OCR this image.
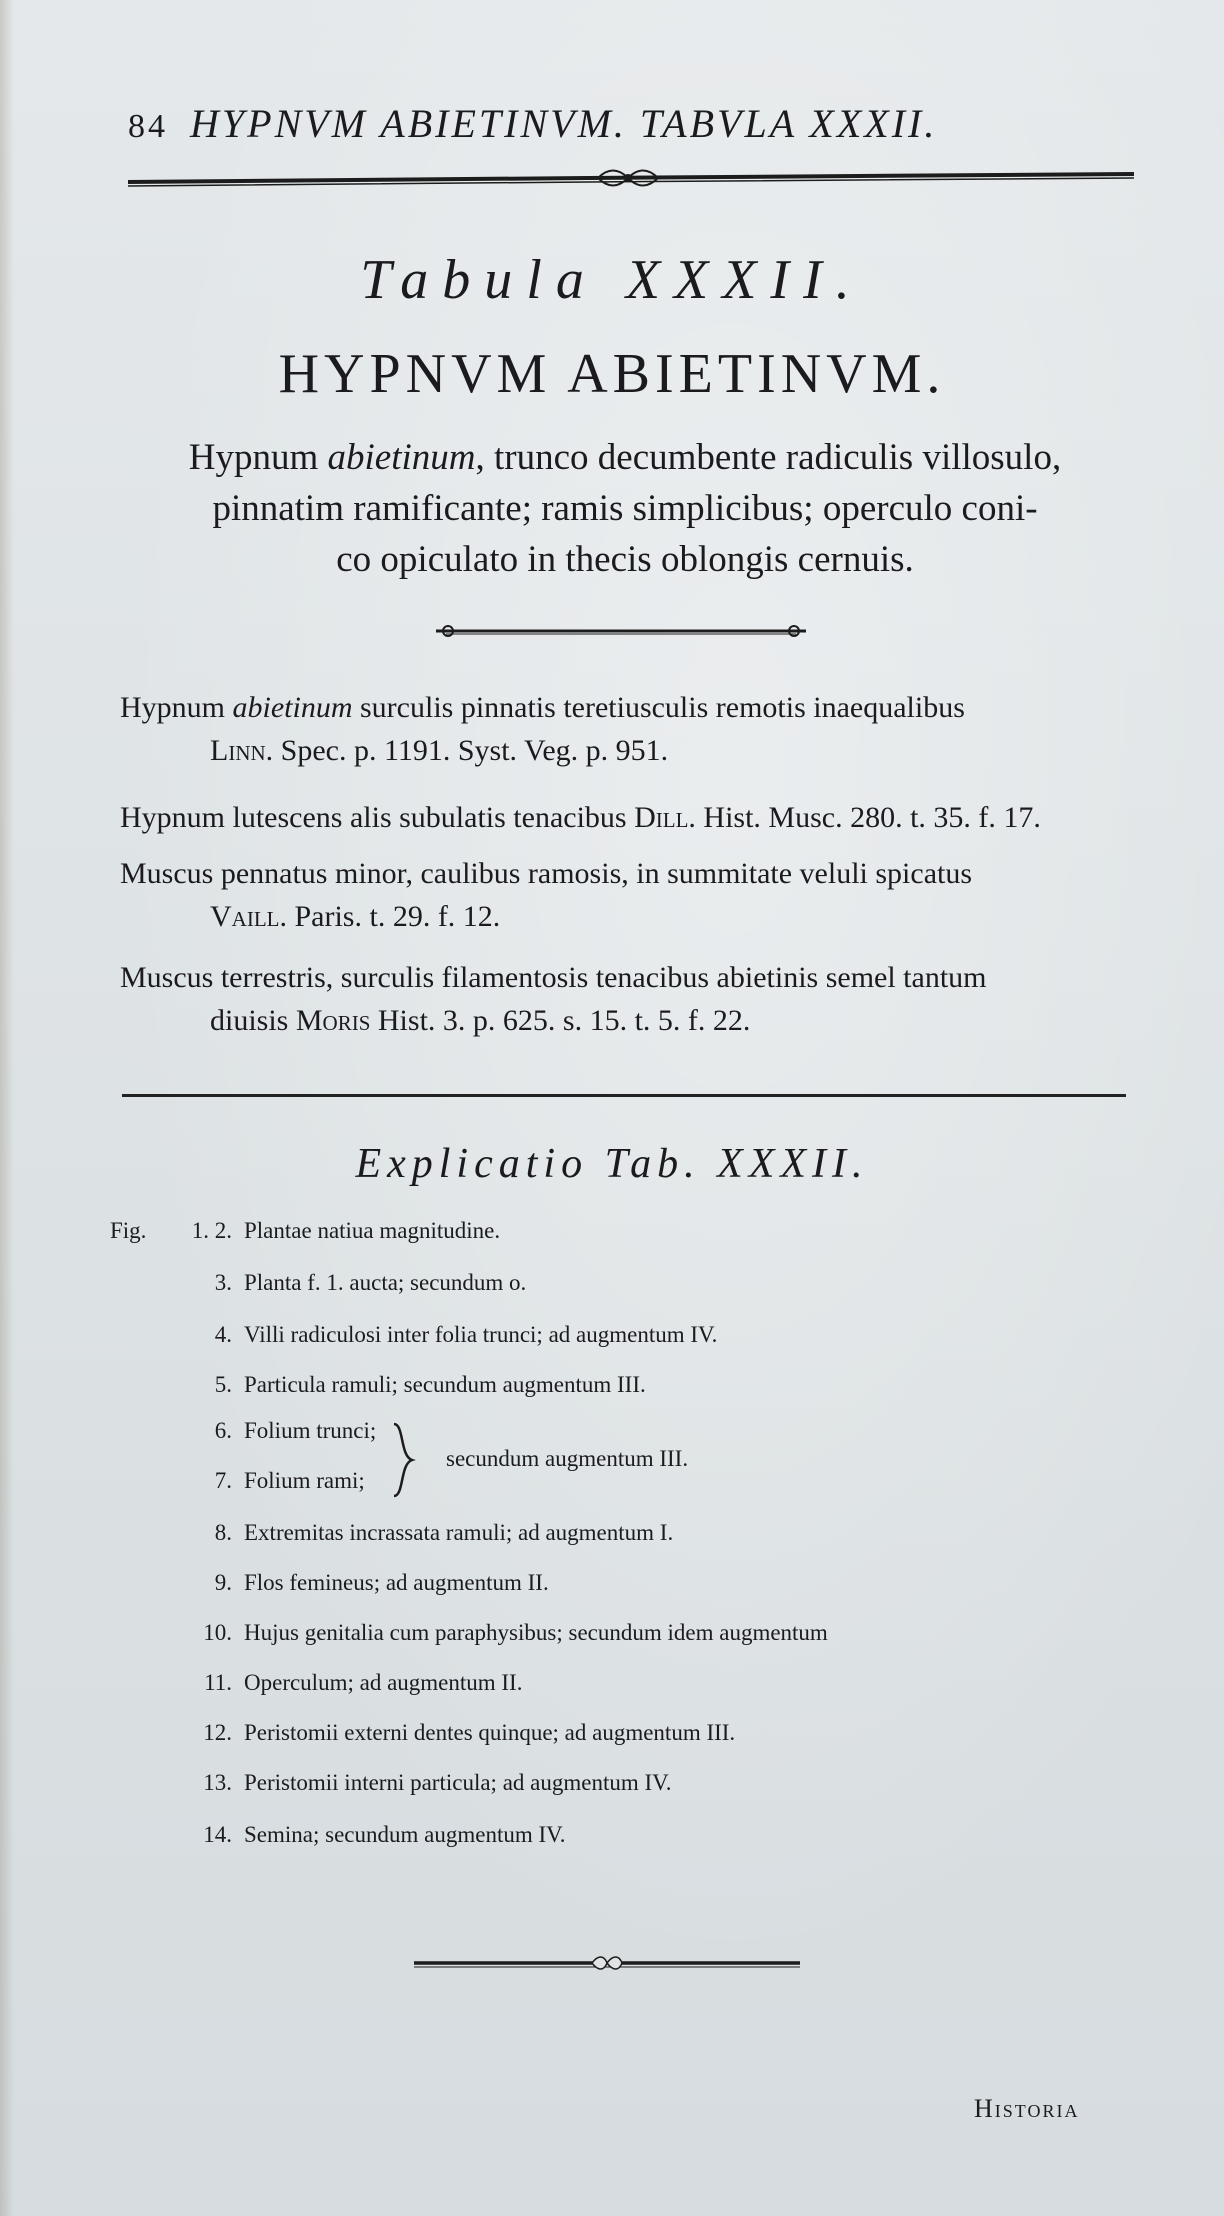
84 HYPNVM ABIETINVM. TABVLA XXXII.
Tabula XXXII.
HYPNVM ABIETINVM.
Hypnum abietinum, trunco decumbente radiculis villosulo,
pinnatim ramificante; ramis simplicibus; operculo coni-
co opiculato in thecis oblongis cernuis.
Hypnum abietinum surculis pinnatis teretiusculis remotis inaequalibus
Linn. Spec. p. 1191. Syst. Veg. p. 951.
Hypnum lutescens alis subulatis tenacibus Dill. Hist. Musc. 280. t. 35. f. 17.
Muscus pennatus minor, caulibus ramosis, in summitate veluli spicatus
Vaill. Paris. t. 29. f. 12.
Muscus terrestris, surculis filamentosis tenacibus abietinis semel tantum
diuisis Moris Hist. 3. p. 625. s. 15. t. 5. f. 22.
Explicatio Tab. XXXII.
Fig. 1. 2. Plantae natiua magnitudine.
3. Planta f. 1. aucta; secundum o.
4. Villi radiculosi inter folia trunci; ad augmentum IV.
5. Particula ramuli; secundum augmentum III.
6. Folium trunci;
7. Folium rami;
secundum augmentum III.
8. Extremitas incrassata ramuli; ad augmentum I.
9. Flos femineus; ad augmentum II.
10. Hujus genitalia cum paraphysibus; secundum idem augmentum
11. Operculum; ad augmentum II.
12. Peristomii externi dentes quinque; ad augmentum III.
13. Peristomii interni particula; ad augmentum IV.
14. Semina; secundum augmentum IV.
Historia
